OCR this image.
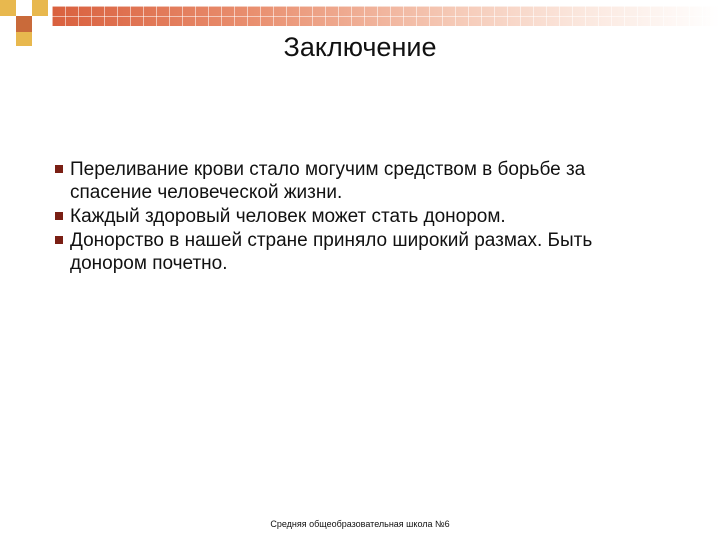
Заключение
Переливание крови стало могучим средством в борьбе за спасение человеческой жизни.
Каждый здоровый человек может стать донором.
Донорство в нашей стране приняло широкий размах. Быть донором почетно.
Средняя общеобразовательная школа №6
